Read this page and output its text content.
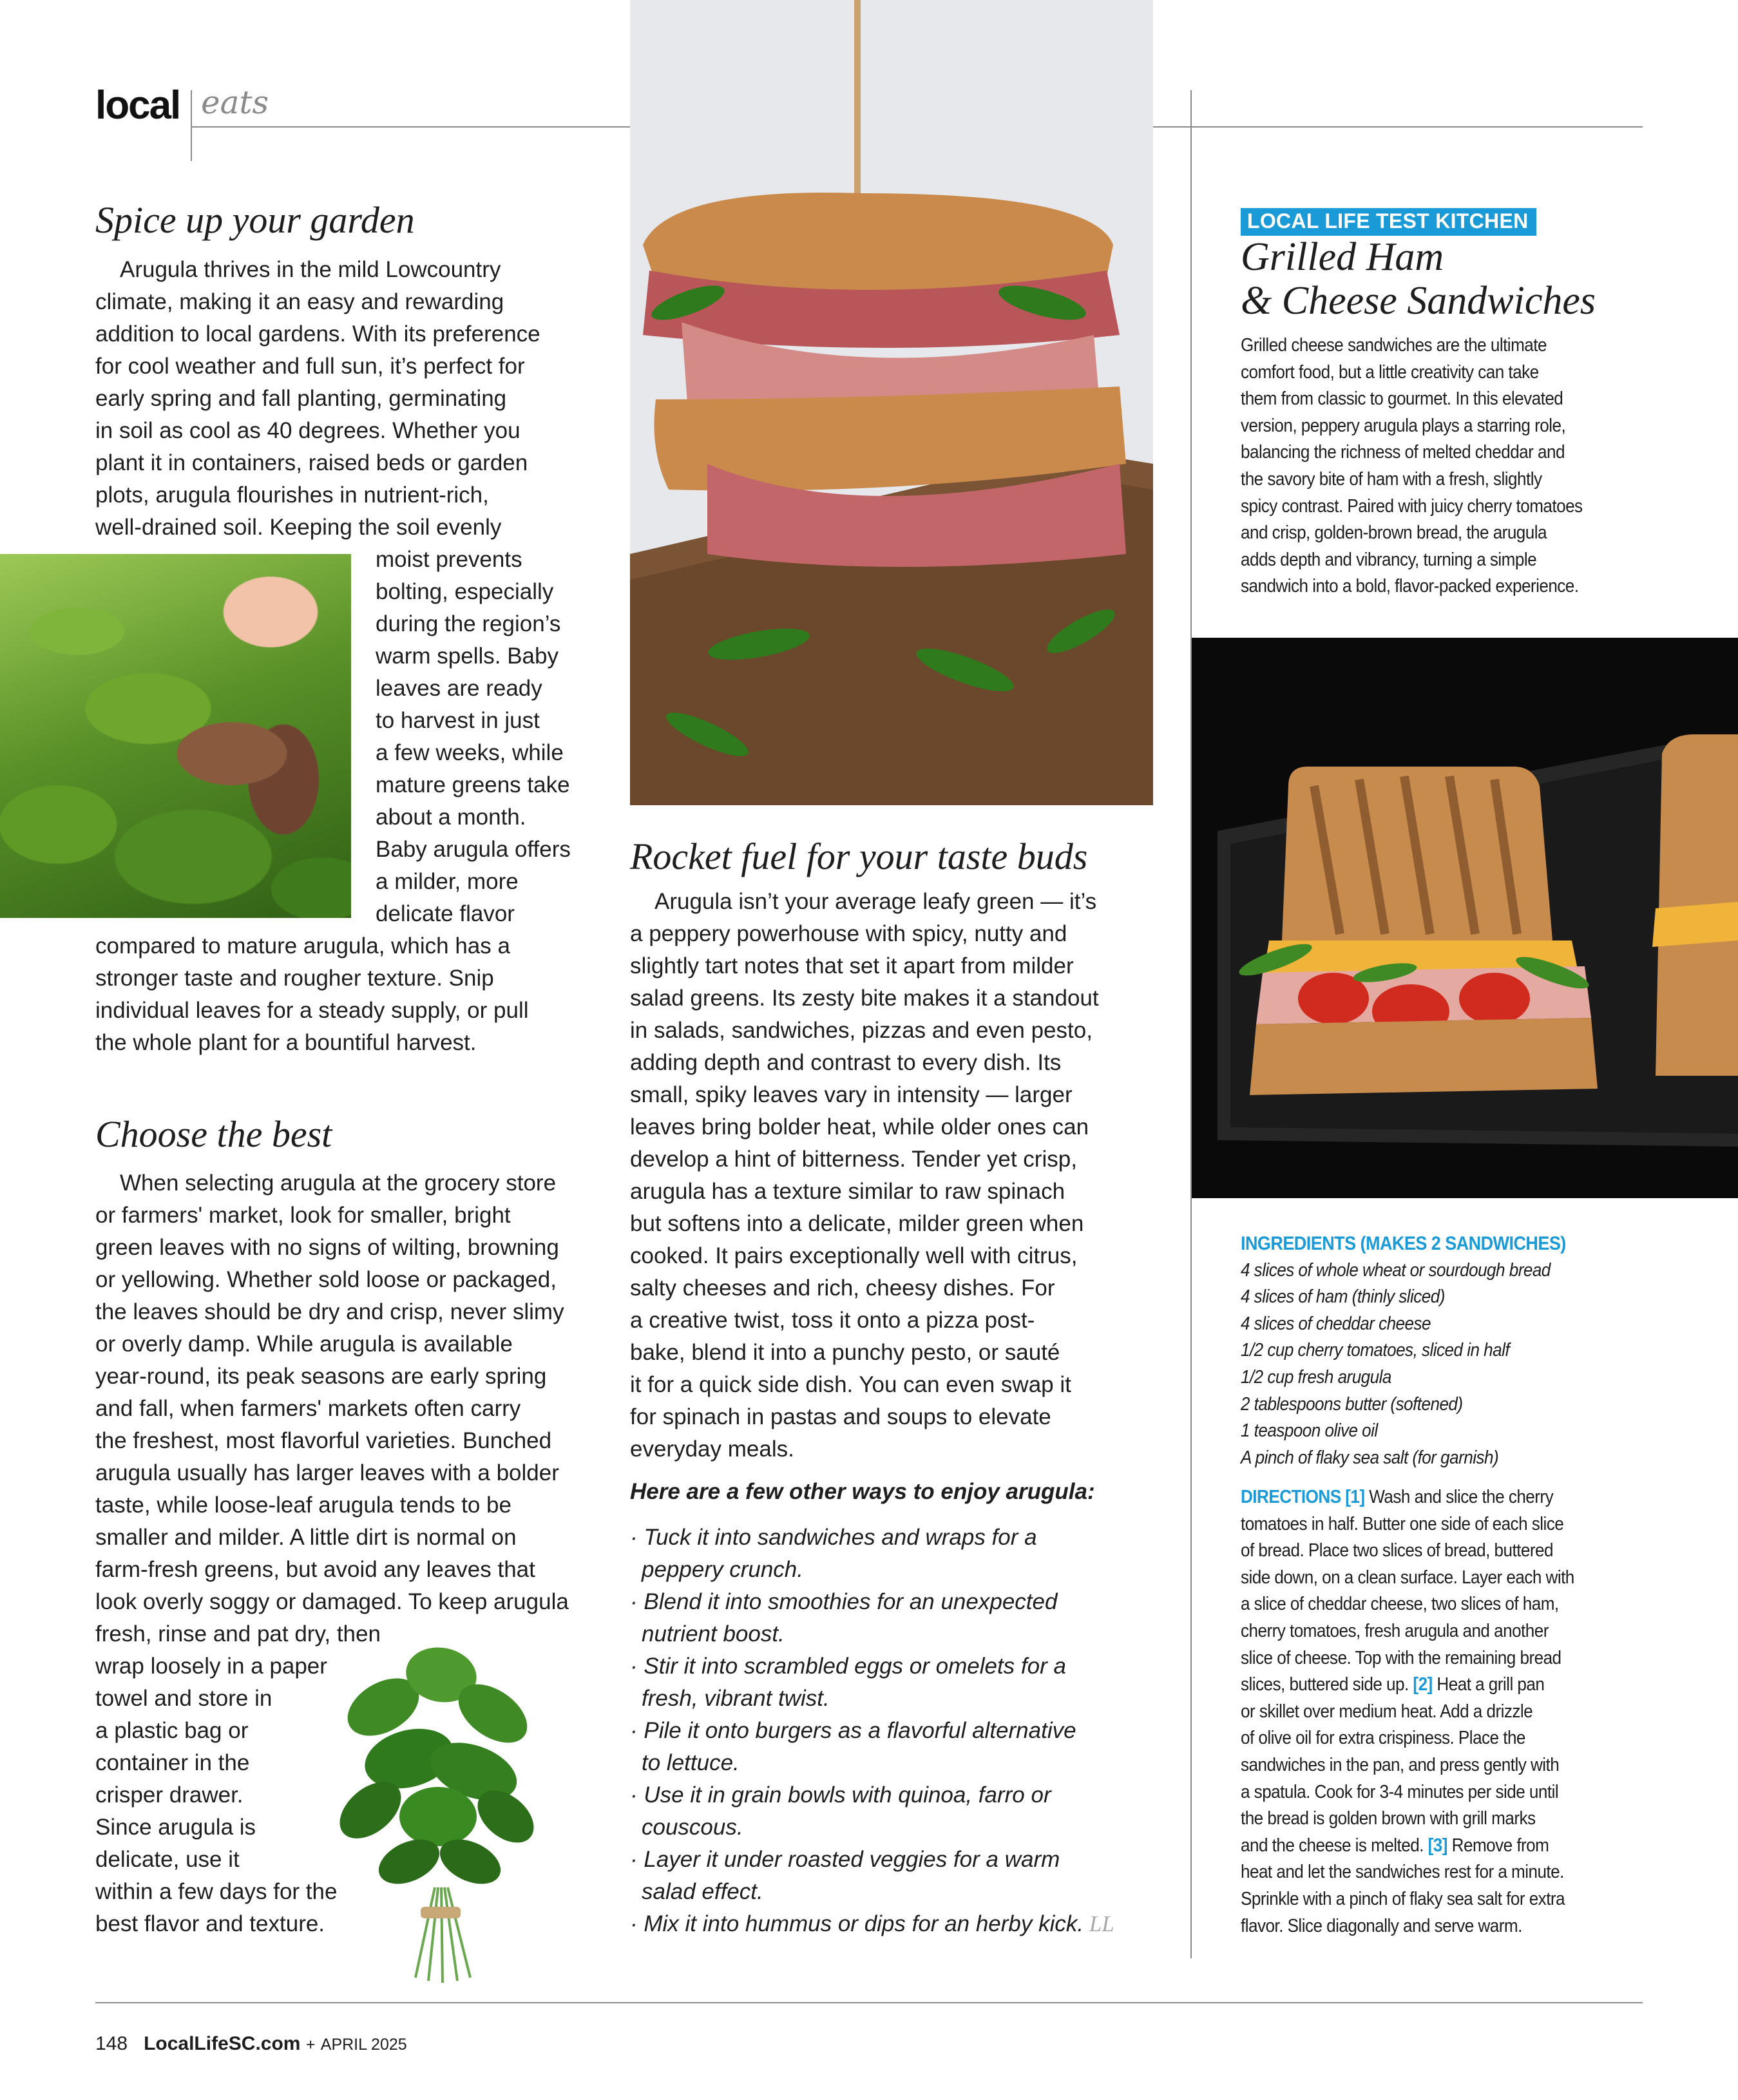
local eats
Spice up your garden
Arugula thrives in the mild Lowcountry
climate, making it an easy and rewarding
addition to local gardens. With its preference
for cool weather and full sun, it’s perfect for
early spring and fall planting, germinating
in soil as cool as 40 degrees. Whether you
plant it in containers, raised beds or garden
plots, arugula flourishes in nutrient-rich,
well-drained soil. Keeping the soil evenly
moist prevents
bolting, especially
during the region’s
warm spells. Baby
leaves are ready
to harvest in just
a few weeks, while
mature greens take
about a month.
Baby arugula offers
a milder, more
delicate flavor
compared to mature arugula, which has a
stronger taste and rougher texture. Snip
individual leaves for a steady supply, or pull
the whole plant for a bountiful harvest.
Choose the best
When selecting arugula at the grocery store
or farmers' market, look for smaller, bright
green leaves with no signs of wilting, browning
or yellowing. Whether sold loose or packaged,
the leaves should be dry and crisp, never slimy
or overly damp. While arugula is available
year-round, its peak seasons are early spring
and fall, when farmers' markets often carry
the freshest, most flavorful varieties. Bunched
arugula usually has larger leaves with a bolder
taste, while loose-leaf arugula tends to be
smaller and milder. A little dirt is normal on
farm-fresh greens, but avoid any leaves that
look overly soggy or damaged. To keep arugula
fresh, rinse and pat dry, then
wrap loosely in a paper
towel and store in
a plastic bag or
container in the
crisper drawer.
Since arugula is
delicate, use it
within a few days for the
best flavor and texture.
Rocket fuel for your taste buds
Arugula isn’t your average leafy green — it’s
a peppery powerhouse with spicy, nutty and
slightly tart notes that set it apart from milder
salad greens. Its zesty bite makes it a standout
in salads, sandwiches, pizzas and even pesto,
adding depth and contrast to every dish. Its
small, spiky leaves vary in intensity — larger
leaves bring bolder heat, while older ones can
develop a hint of bitterness. Tender yet crisp,
arugula has a texture similar to raw spinach
but softens into a delicate, milder green when
cooked. It pairs exceptionally well with citrus,
salty cheeses and rich, cheesy dishes. For
a creative twist, toss it onto a pizza post-
bake, blend it into a punchy pesto, or sauté
it for a quick side dish. You can even swap it
for spinach in pastas and soups to elevate
everyday meals.
Here are a few other ways to enjoy arugula:
· Tuck it into sandwiches and wraps for a
peppery crunch.
· Blend it into smoothies for an unexpected
nutrient boost.
· Stir it into scrambled eggs or omelets for a
fresh, vibrant twist.
· Pile it onto burgers as a flavorful alternative
to lettuce.
· Use it in grain bowls with quinoa, farro or
couscous.
· Layer it under roasted veggies for a warm
salad effect.
· Mix it into hummus or dips for an herby kick. LL
LOCAL LIFE TEST KITCHEN
Grilled Ham
& Cheese Sandwiches
Grilled cheese sandwiches are the ultimate
comfort food, but a little creativity can take
them from classic to gourmet. In this elevated
version, peppery arugula plays a starring role,
balancing the richness of melted cheddar and
the savory bite of ham with a fresh, slightly
spicy contrast. Paired with juicy cherry tomatoes
and crisp, golden-brown bread, the arugula
adds depth and vibrancy, turning a simple
sandwich into a bold, flavor-packed experience.
INGREDIENTS (MAKES 2 SANDWICHES)
4 slices of whole wheat or sourdough bread
4 slices of ham (thinly sliced)
4 slices of cheddar cheese
1/2 cup cherry tomatoes, sliced in half
1/2 cup fresh arugula
2 tablespoons butter (softened)
1 teaspoon olive oil
A pinch of flaky sea salt (for garnish)
DIRECTIONS [1] Wash and slice the cherry
tomatoes in half. Butter one side of each slice
of bread. Place two slices of bread, buttered
side down, on a clean surface. Layer each with
a slice of cheddar cheese, two slices of ham,
cherry tomatoes, fresh arugula and another
slice of cheese. Top with the remaining bread
slices, buttered side up. [2] Heat a grill pan
or skillet over medium heat. Add a drizzle
of olive oil for extra crispiness. Place the
sandwiches in the pan, and press gently with
a spatula. Cook for 3-4 minutes per side until
the bread is golden brown with grill marks
and the cheese is melted. [3] Remove from
heat and let the sandwiches rest for a minute.
Sprinkle with a pinch of flaky sea salt for extra
flavor. Slice diagonally and serve warm.
148 LocalLifeSC.com + APRIL 2025
